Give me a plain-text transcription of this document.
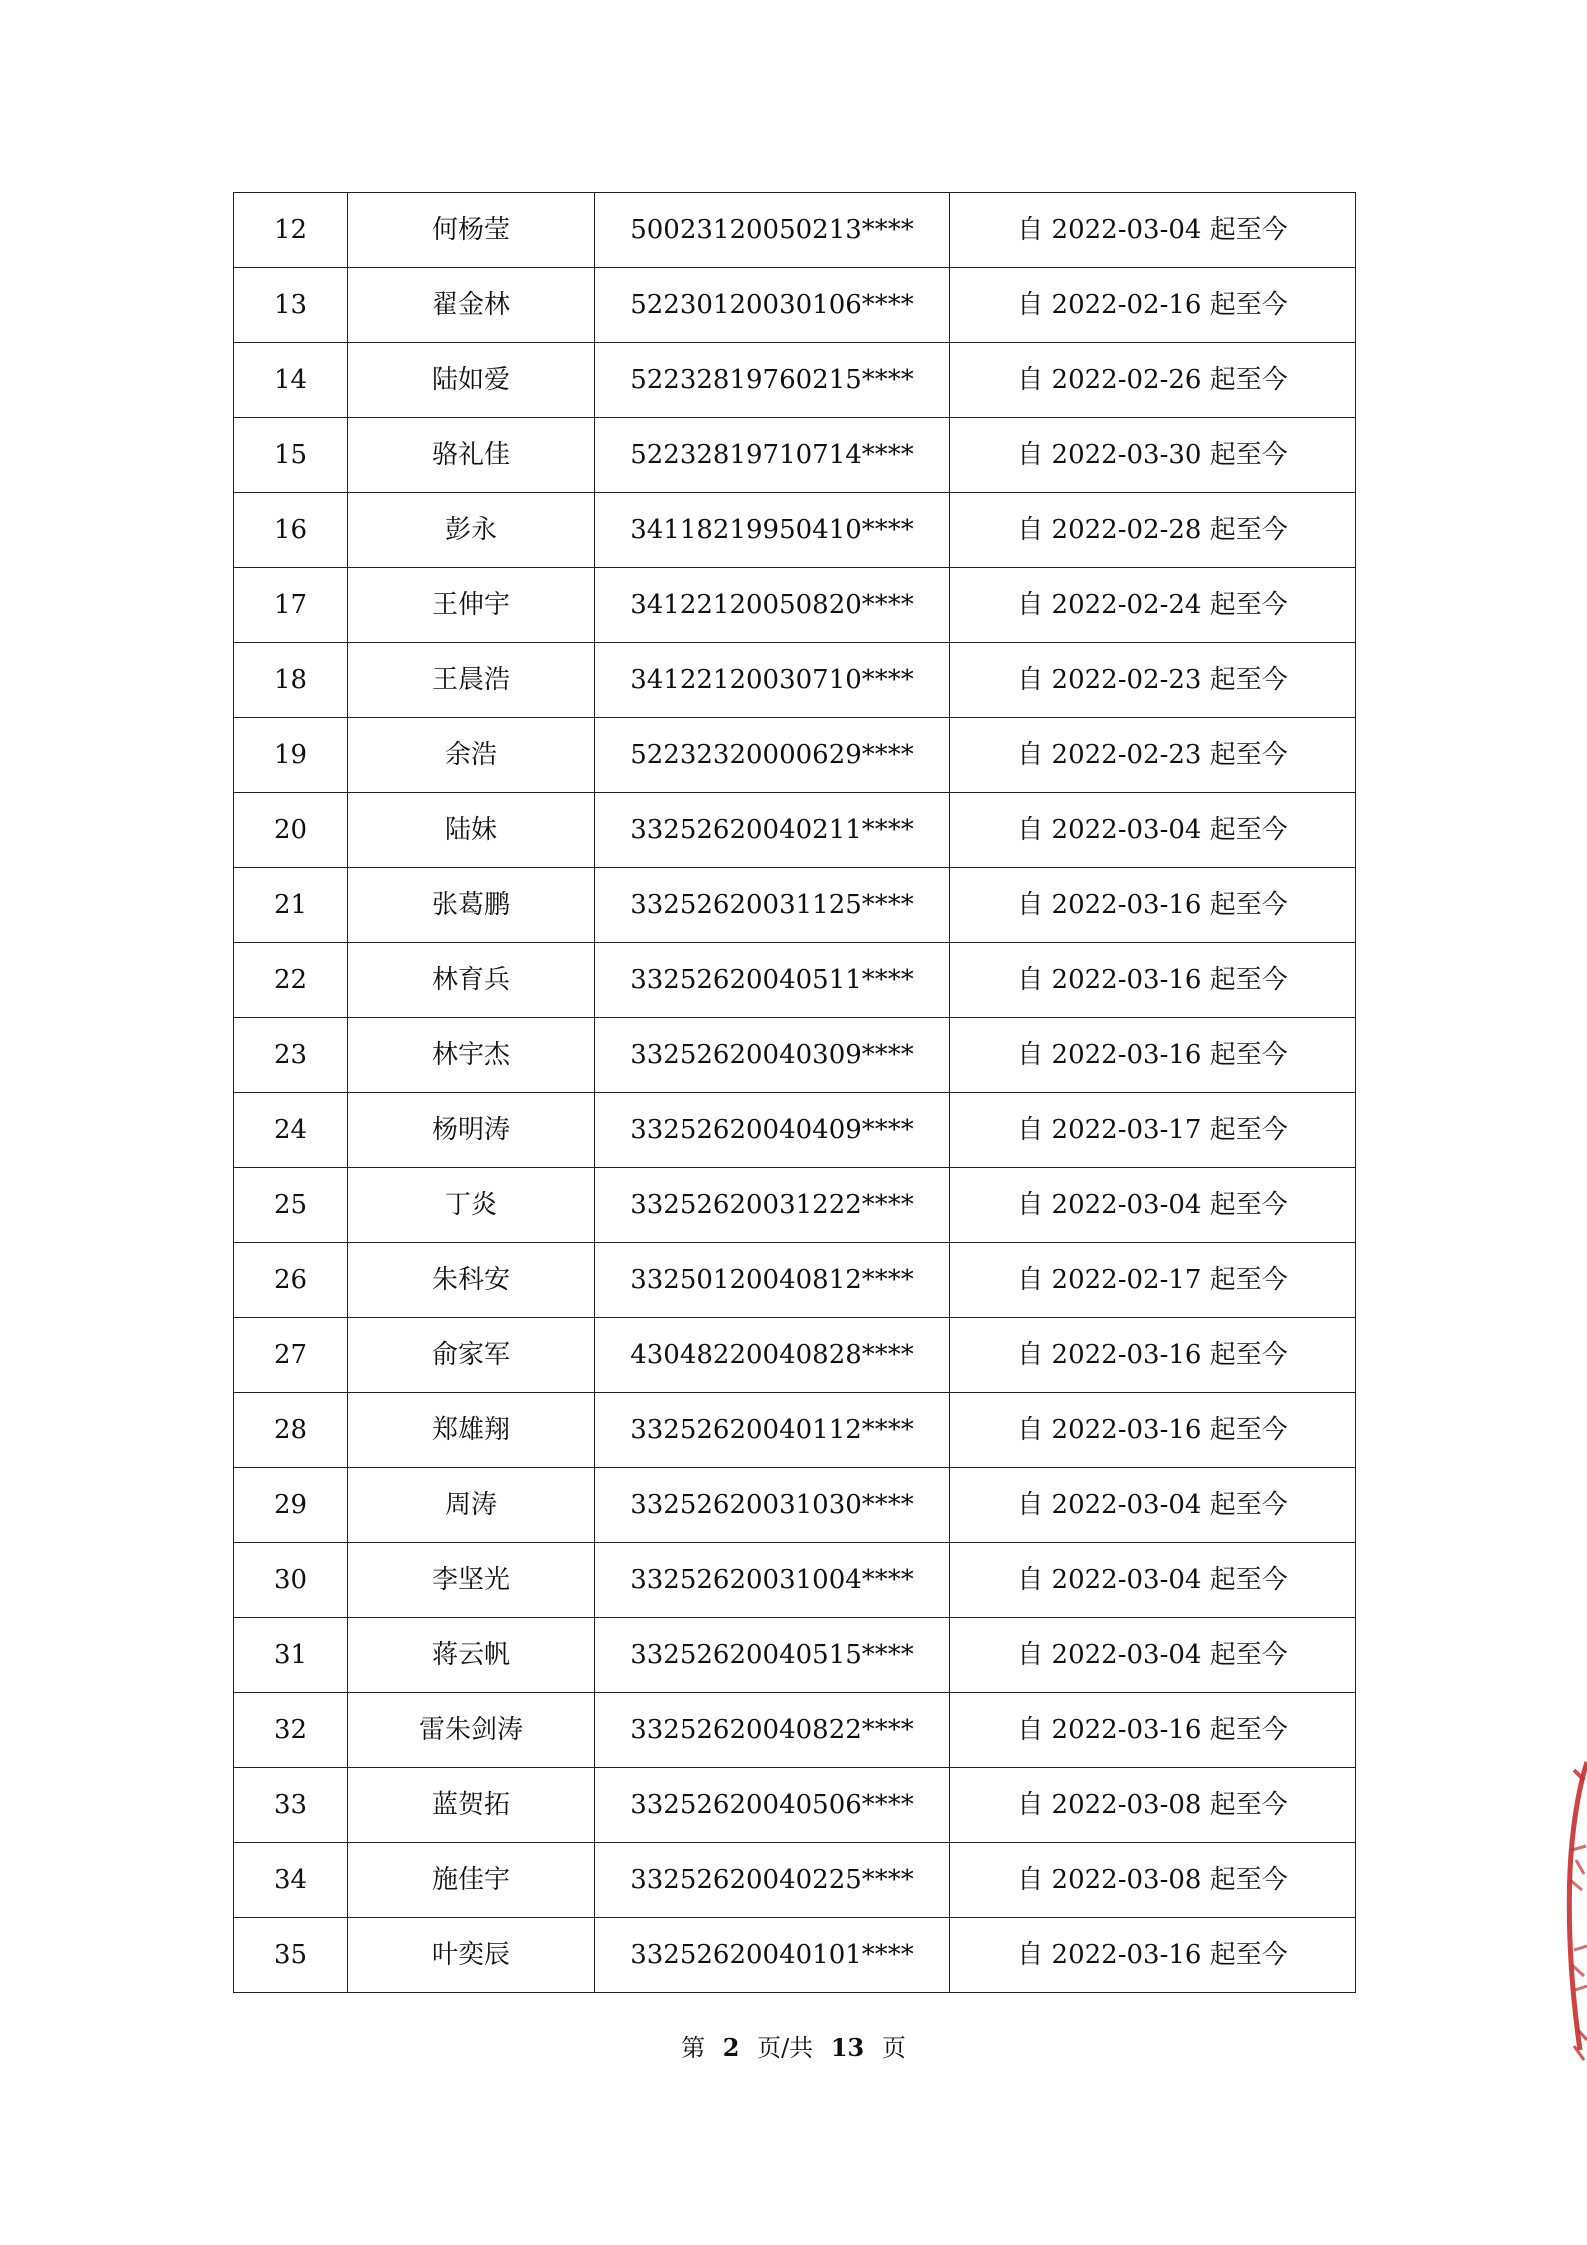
12	何杨莹	50023120050213****	自 2022-03-04 起至今
13	翟金林	52230120030106****	自 2022-02-16 起至今
14	陆如爱	52232819760215****	自 2022-02-26 起至今
15	骆礼佳	52232819710714****	自 2022-03-30 起至今
16	彭永	34118219950410****	自 2022-02-28 起至今
17	王伸宇	34122120050820****	自 2022-02-24 起至今
18	王晨浩	34122120030710****	自 2022-02-23 起至今
19	余浩	52232320000629****	自 2022-02-23 起至今
20	陆妹	33252620040211****	自 2022-03-04 起至今
21	张葛鹏	33252620031125****	自 2022-03-16 起至今
22	林育兵	33252620040511****	自 2022-03-16 起至今
23	林宇杰	33252620040309****	自 2022-03-16 起至今
24	杨明涛	33252620040409****	自 2022-03-17 起至今
25	丁炎	33252620031222****	自 2022-03-04 起至今
26	朱科安	33250120040812****	自 2022-02-17 起至今
27	俞家军	43048220040828****	自 2022-03-16 起至今
28	郑雄翔	33252620040112****	自 2022-03-16 起至今
29	周涛	33252620031030****	自 2022-03-04 起至今
30	李坚光	33252620031004****	自 2022-03-04 起至今
31	蒋云帆	33252620040515****	自 2022-03-04 起至今
32	雷朱剑涛	33252620040822****	自 2022-03-16 起至今
33	蓝贺拓	33252620040506****	自 2022-03-08 起至今
34	施佳宇	33252620040225****	自 2022-03-08 起至今
35	叶奕辰	33252620040101****	自 2022-03-16 起至今
第 2 页/共 13 页
